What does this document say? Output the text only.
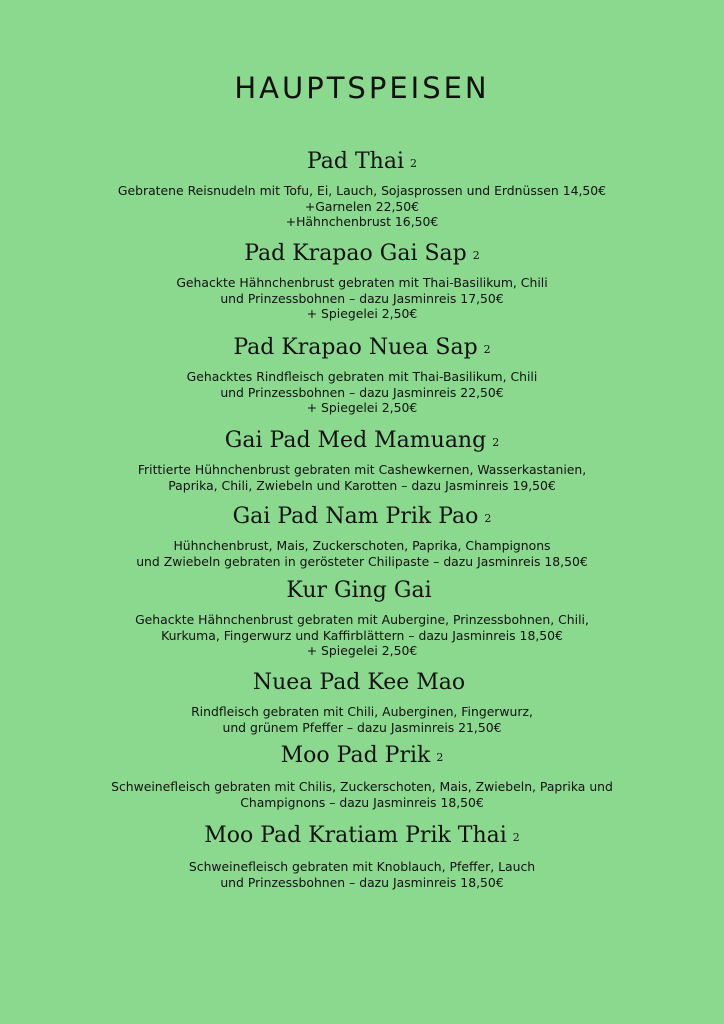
HAUPTSPEISEN
Pad Thai $^2$

Gebratene Reisnudeln mit Tofu, Ei, Lauch, Sojasprossen und Erdnüssen 14,50€
+Garnelen 22,50€
+Hähnchenbrust 16,50€

Pad Krapao Gai Sap $^2$

Gehackte Hähnchenbrust gebraten mit Thai-Basilikum, Chili
und Prinzessbohnen – dazu Jasminreis 17,50€
+ Spiegelei 2,50€

Pad Krapao Nuea Sap $^2$

Gehacktes Rindfleisch gebraten mit Thai-Basilikum, Chili
und Prinzessbohnen – dazu Jasminreis 22,50€
+ Spiegelei 2,50€

Gai Pad Med Mamuang $^2$

Frittierte Hühnchenbrust gebraten mit Cashewkernen, Wasserkastanien,
Paprika, Chili, Zwiebeln und Karotten – dazu Jasminreis 19,50€

Gai Pad Nam Prik Pao $^2$

Hühnchenbrust, Mais, Zuckerschoten, Paprika, Champignons
und Zwiebeln gebraten in gerösteter Chilipaste – dazu Jasminreis 18,50€

Kur Ging Gai

Gehackte Hähnchenbrust gebraten mit Aubergine, Prinzessbohnen, Chili,
Kurkuma, Fingerwurz und Kaffirblättern – dazu Jasminreis 18,50€
+ Spiegelei 2,50€

Nuea Pad Kee Mao

Rindfleisch gebraten mit Chili, Auberginen, Fingerwurz,
und grünem Pfeffer – dazu Jasminreis 21,50€

Moo Pad Prik $^2$

Schweinefleisch gebraten mit Chilis, Zuckerschoten, Mais, Zwiebeln, Paprika und
Champignons – dazu Jasminreis 18,50€

Moo Pad Kratiam Prik Thai $^2$

Schweinefleisch gebraten mit Knoblauch, Pfeffer, Lauch
und Prinzessbohnen – dazu Jasminreis 18,50€
